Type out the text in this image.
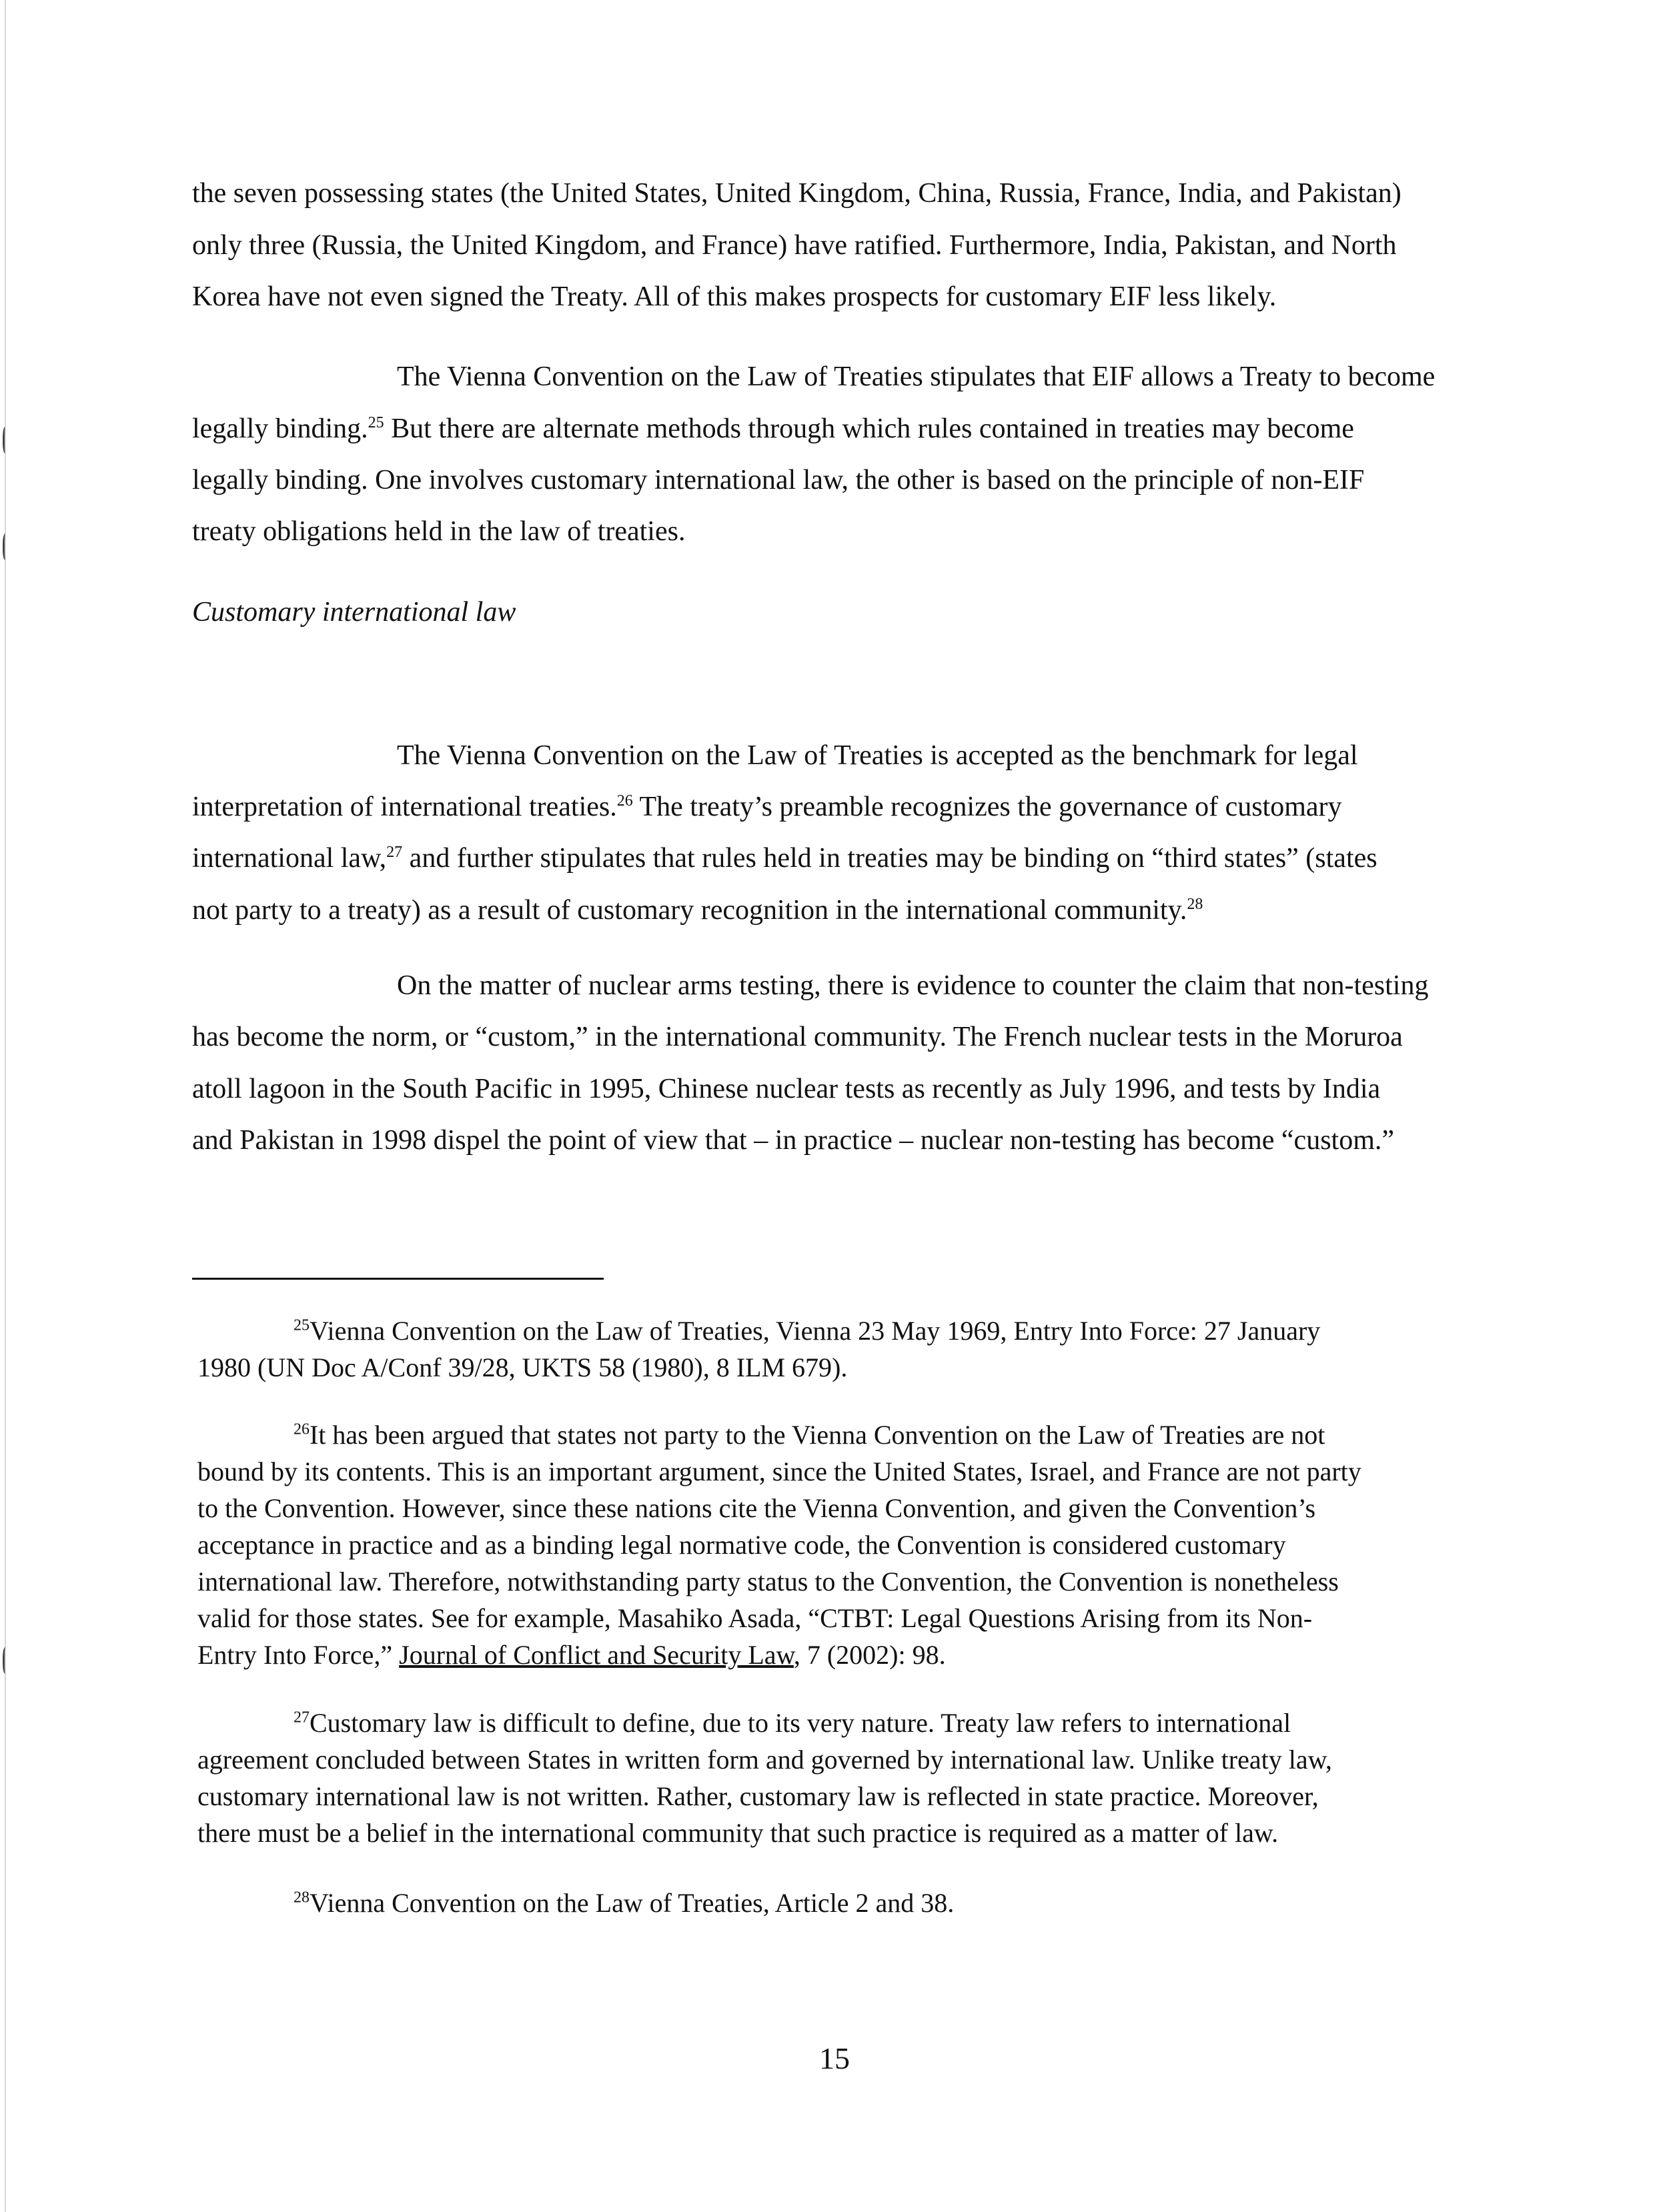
the seven possessing states (the United States, United Kingdom, China, Russia, France, India, and Pakistan)

only three (Russia, the United Kingdom, and France) have ratified. Furthermore, India, Pakistan, and North

Korea have not even signed the Treaty. All of this makes prospects for customary EIF less likely.

The Vienna Convention on the Law of Treaties stipulates that EIF allows a Treaty to become

legally binding.$^{25}$ But there are alternate methods through which rules contained in treaties may become

legally binding. One involves customary international law, the other is based on the principle of non-EIF

treaty obligations held in the law of treaties.

Customary international law

The Vienna Convention on the Law of Treaties is accepted as the benchmark for legal

interpretation of international treaties.$^{26}$ The treaty’s preamble recognizes the governance of customary

international law,$^{27}$ and further stipulates that rules held in treaties may be binding on “third states” (states

not party to a treaty) as a result of customary recognition in the international community.$^{28}$

On the matter of nuclear arms testing, there is evidence to counter the claim that non-testing

has become the norm, or “custom,” in the international community. The French nuclear tests in the Moruroa

atoll lagoon in the South Pacific in 1995, Chinese nuclear tests as recently as July 1996, and tests by India

and Pakistan in 1998 dispel the point of view that – in practice – nuclear non-testing has become “custom.”

$^{25}$Vienna Convention on the Law of Treaties, Vienna 23 May 1969, Entry Into Force: 27 January

1980 (UN Doc A/Conf 39/28, UKTS 58 (1980), 8 ILM 679).

$^{26}$It has been argued that states not party to the Vienna Convention on the Law of Treaties are not

bound by its contents. This is an important argument, since the United States, Israel, and France are not party

to the Convention. However, since these nations cite the Vienna Convention, and given the Convention’s

acceptance in practice and as a binding legal normative code, the Convention is considered customary

international law. Therefore, notwithstanding party status to the Convention, the Convention is nonetheless

valid for those states. See for example, Masahiko Asada, “CTBT: Legal Questions Arising from its Non-

Entry Into Force,” Journal of Conflict and Security Law, 7 (2002): 98.

$^{27}$Customary law is difficult to define, due to its very nature. Treaty law refers to international

agreement concluded between States in written form and governed by international law. Unlike treaty law,

customary international law is not written. Rather, customary law is reflected in state practice. Moreover,

there must be a belief in the international community that such practice is required as a matter of law.

$^{28}$Vienna Convention on the Law of Treaties, Article 2 and 38.

15
